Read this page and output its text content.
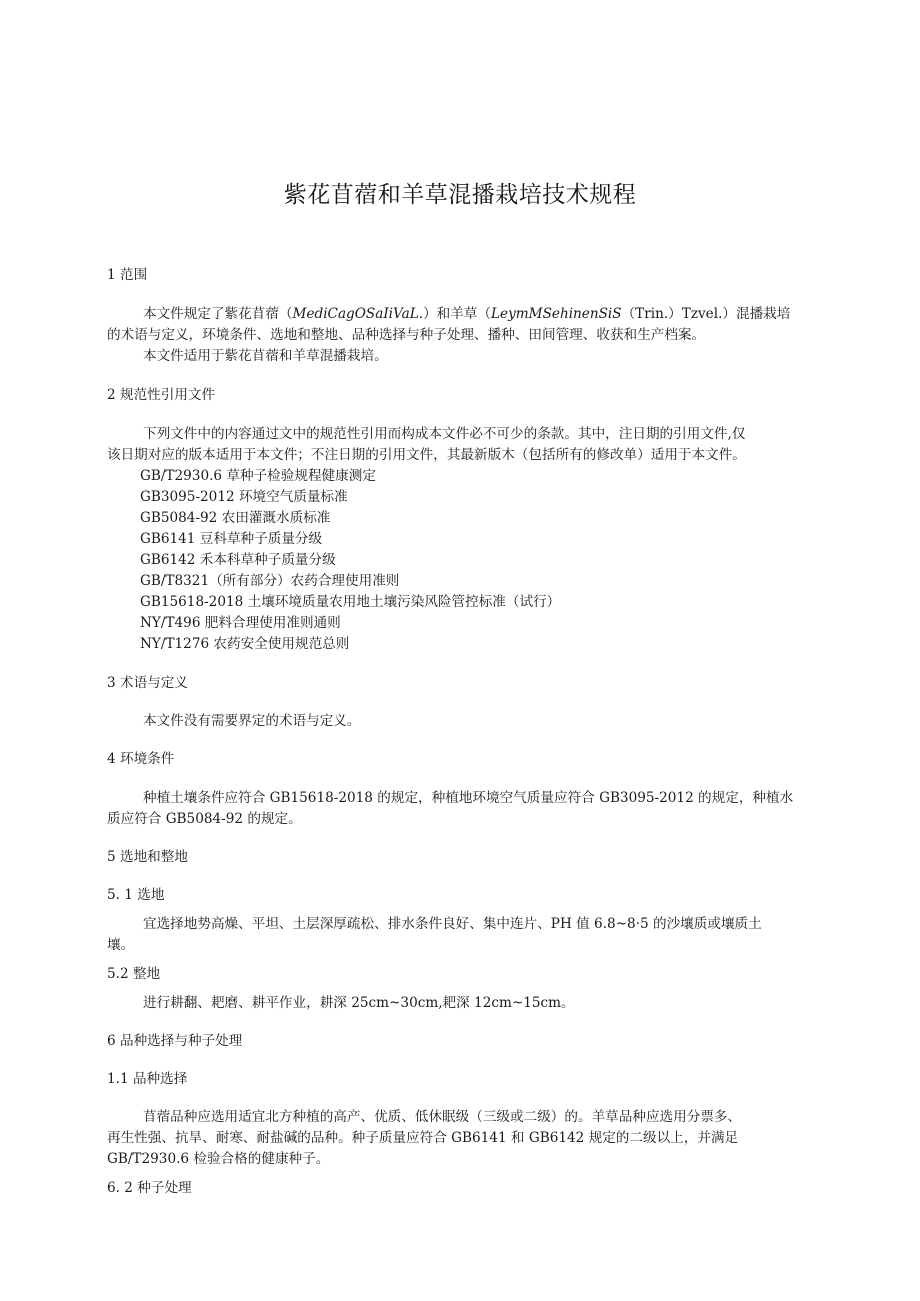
紫花苜蓿和羊草混播栽培技术规程
1 范围
本文件规定了紫花苜蓿（MediCagOSaIiVaL.）和羊草（LeymMSehinenSiS（Trin.）Tzvel.）混播栽培
的术语与定义，环境条件、选地和整地、品种选择与种子处理、播种、田间管理、收获和生产档案。
本文件适用于紫花苜蓿和羊草混播栽培。
2 规范性引用文件
下列文件中的内容通过文中的规范性引用而构成本文件必不可少的条款。其中，注日期的引用文件,仅
该日期对应的版本适用于本文件；不注日期的引用文件，其最新版木（包括所有的修改单）适用于本文件。
GB/T2930.6 草种子检验规程健康测定
GB3095-2012 环境空气质量标准
GB5084-92 农田灌溉水质标准
GB6141 豆科草种子质量分级
GB6142 禾本科草种子质量分级
GB/T8321（所有部分）农药合理使用准则
GB15618-2018 土壤环境质量农用地土壤污染风险管控标准（试行）
NY/T496 肥料合理使用准则通则
NY/T1276 农药安全使用规范总则
3 术语与定义
本文件没有需要界定的术语与定义。
4 环境条件
种植土壤条件应符合 GB15618-2018 的规定，种植地环境空气质量应符合 GB3095-2012 的规定，种植水
质应符合 GB5084-92 的规定。
5 选地和整地
5. 1 选地
宜选择地势高燥、平坦、土层深厚疏松、排水条件良好、集中连片、PH 值 6.8~8·5 的沙壤质或壤质土
壤。
5.2 整地
进行耕翻、耙磨、耕平作业，耕深 25cm~30cm,耙深 12cm~15cm。
6 品种选择与种子处理
1.1 品种选择
苜蓿品种应选用适宜北方种植的高产、优质、低休眠级（三级或二级）的。羊草品种应选用分票多、
再生性强、抗旱、耐寒、耐盐碱的品种。种子质量应符合 GB6141 和 GB6142 规定的二级以上，并满足
GB/T2930.6 检验合格的健康种子。
6. 2 种子处理
